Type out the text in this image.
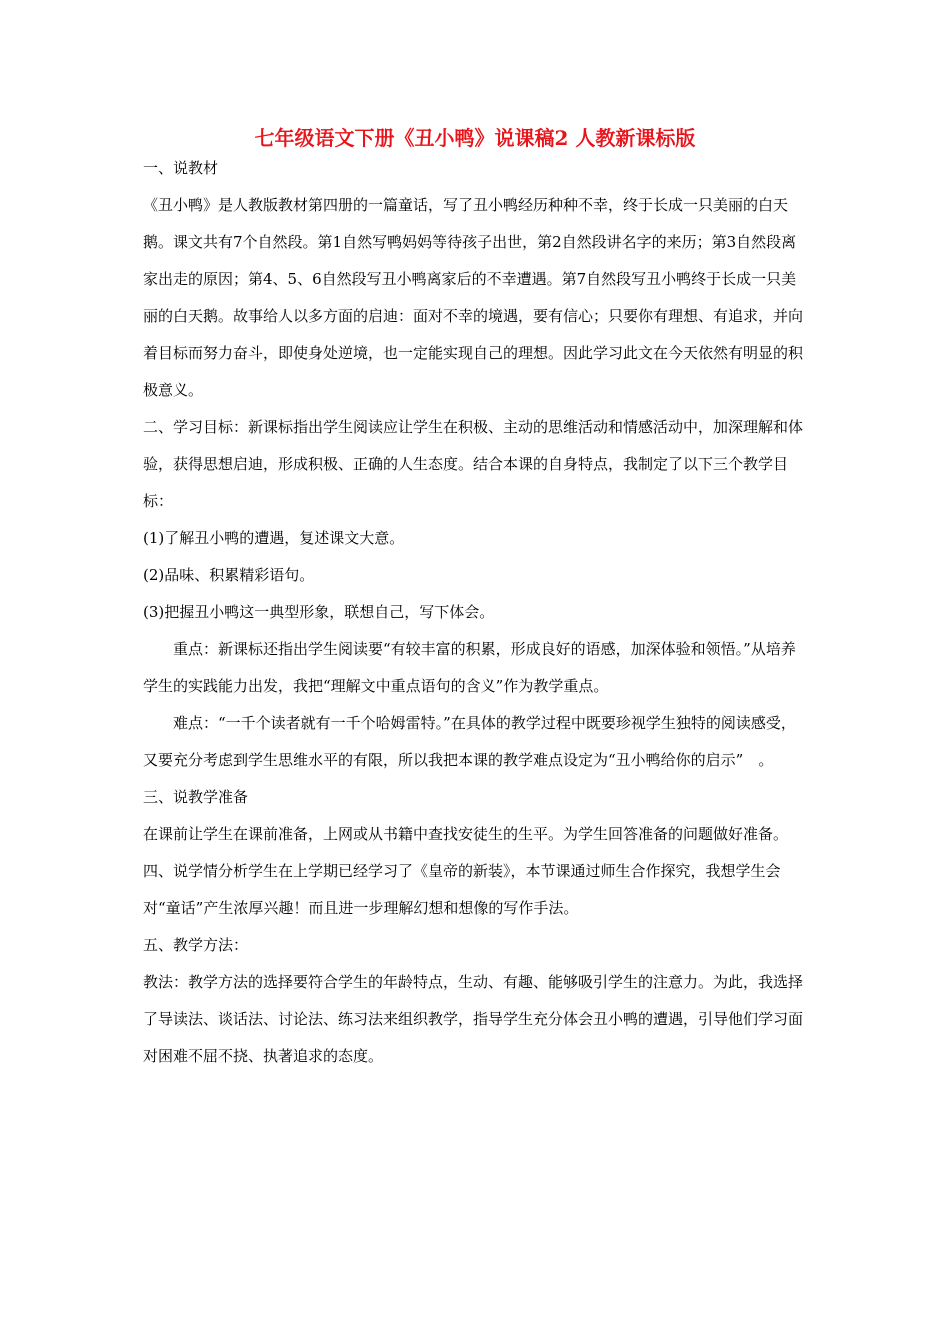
七年级语文下册《丑小鸭》说课稿2 人教新课标版

一、说教材

《丑小鸭》是人教版教材第四册的一篇童话，写了丑小鸭经历种种不幸，终于长成一只美丽的白天鹅。课文共有7个自然段。第1自然写鸭妈妈等待孩子出世，第2自然段讲名字的来历；第3自然段离家出走的原因；第4、5、6自然段写丑小鸭离家后的不幸遭遇。第7自然段写丑小鸭终于长成一只美丽的白天鹅。故事给人以多方面的启迪：面对不幸的境遇，要有信心；只要你有理想、有追求，并向着目标而努力奋斗，即使身处逆境，也一定能实现自己的理想。因此学习此文在今天依然有明显的积极意义。

二、学习目标：新课标指出学生阅读应让学生在积极、主动的思维活动和情感活动中，加深理解和体验，获得思想启迪，形成积极、正确的人生态度。结合本课的自身特点，我制定了以下三个教学目标：

(1)了解丑小鸭的遭遇，复述课文大意。

(2)品味、积累精彩语句。

(3)把握丑小鸭这一典型形象，联想自己，写下体会。

重点：新课标还指出学生阅读要“有较丰富的积累，形成良好的语感，加深体验和领悟。”从培养学生的实践能力出发，我把“理解文中重点语句的含义”作为教学重点。

难点：“一千个读者就有一千个哈姆雷特。”在具体的教学过程中既要珍视学生独特的阅读感受，又要充分考虑到学生思维水平的有限，所以我把本课的教学难点设定为“丑小鸭给你的启示”　。

三、说教学准备

在课前让学生在课前准备，上网或从书籍中查找安徒生的生平。为学生回答准备的问题做好准备。

四、说学情分析学生在上学期已经学习了《皇帝的新装》，本节课通过师生合作探究，我想学生会对“童话”产生浓厚兴趣！而且进一步理解幻想和想像的写作手法。

五、教学方法：

教法：教学方法的选择要符合学生的年龄特点，生动、有趣、能够吸引学生的注意力。为此，我选择了导读法、谈话法、讨论法、练习法来组织教学，指导学生充分体会丑小鸭的遭遇，引导他们学习面对困难不屈不挠、执著追求的态度。
